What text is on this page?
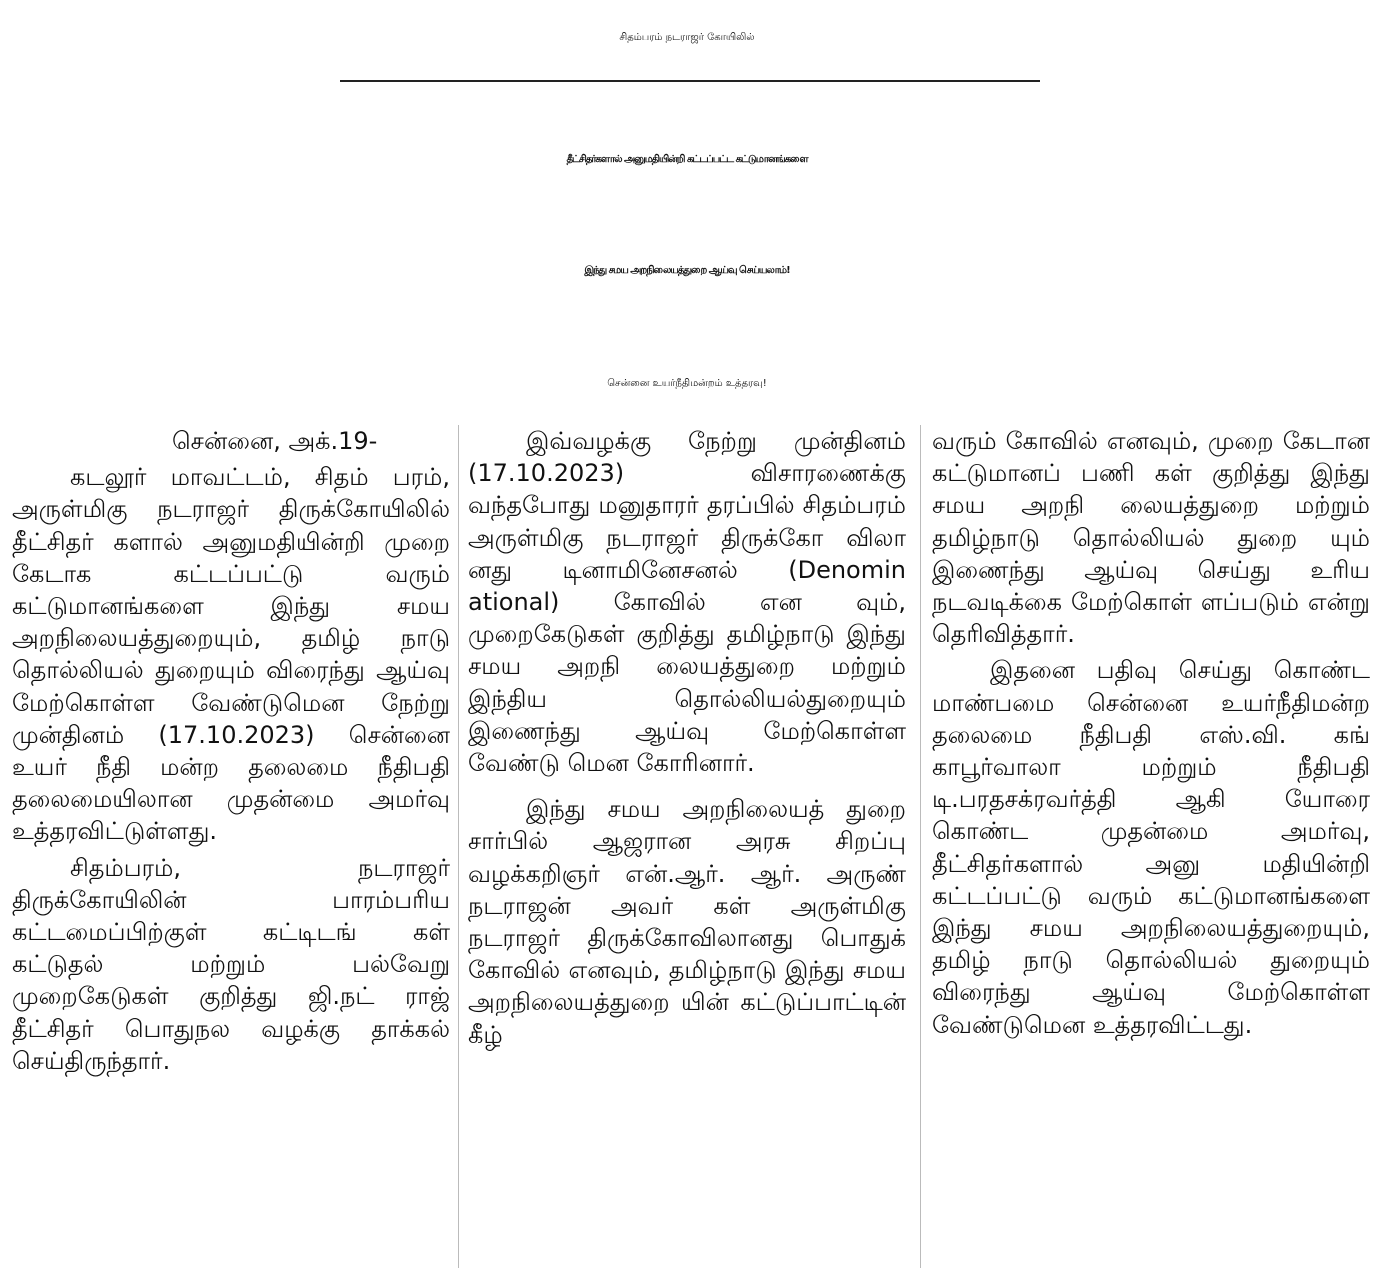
சிதம்பரம் நடராஜர் கோயிலில்
தீட்சிதர்களால் அனுமதியின்றி கட்டப்பட்ட கட்டுமானங்களை
இந்து சமய அறநிலையத்துறை ஆய்வு செய்யலாம்!
சென்னை உயர்நீதிமன்றம் உத்தரவு!

சென்னை, அக்.19-

கடலூர் மாவட்டம், சிதம் பரம், அருள்மிகு நடராஜர் திருக்கோயிலில் தீட்சிதர் களால் அனுமதியின்றி முறை கேடாக கட்டப்பட்டு வரும் கட்டுமானங்களை இந்து சமய அறநிலையத்துறையும், தமிழ் நாடு தொல்லியல் துறையும் விரைந்து ஆய்வு மேற்கொள்ள வேண்டுமென நேற்று முன்தினம் (17.10.2023) சென்னை உயர் நீதி மன்ற தலைமை நீதிபதி தலைமையிலான முதன்மை அமர்வு உத்தரவிட்டுள்ளது.

சிதம்பரம், நடராஜர் திருக்கோயிலின் பாரம்பரிய கட்டமைப்பிற்குள் கட்டிடங் கள் கட்டுதல் மற்றும் பல்வேறு முறைகேடுகள் குறித்து ஜி.நட் ராஜ் தீட்சிதர் பொதுநல வழக்கு தாக்கல் செய்திருந்தார்.

இவ்வழக்கு நேற்று முன்தினம் (17.10.2023) விசாரணைக்கு வந்தபோது மனுதாரர் தரப்பில் சிதம்பரம் அருள்மிகு நடராஜர் திருக்கோ விலா னது டினாமினேசனல் (Denomin ational) கோவில் என வும், முறைகேடுகள் குறித்து தமிழ்நாடு இந்து சமய அறநி லையத்துறை மற்றும் இந்திய தொல்லியல்துறையும் இணைந்து ஆய்வு மேற்கொள்ள வேண்டு மென கோரினார்.

இந்து சமய அறநிலையத் துறை சார்பில் ஆஜரான அரசு சிறப்பு வழக்கறிஞர் என்.ஆர். ஆர். அருண் நடராஜன் அவர் கள் அருள்மிகு நடராஜர் திருக்கோவிலானது பொதுக் கோவில் எனவும், தமிழ்நாடு இந்து சமய அறநிலையத்துறை யின் கட்டுப்பாட்டின் கீழ்

வரும் கோவில் எனவும், முறை கேடான கட்டுமானப் பணி கள் குறித்து இந்து சமய அறநி லையத்துறை மற்றும் தமிழ்நாடு தொல்லியல் துறை யும் இணைந்து ஆய்வு செய்து உரிய நடவடிக்கை மேற்கொள் ளப்படும் என்று தெரிவித்தார்.

இதனை பதிவு செய்து கொண்ட மாண்பமை சென்னை உயர்நீதிமன்ற தலைமை நீதிபதி எஸ்.வி. கங் காபூர்வாலா மற்றும் நீதிபதி டி.பரதசக்ரவர்த்தி ஆகி யோரை கொண்ட முதன்மை அமர்வு, தீட்சிதர்களால் அனு மதியின்றி கட்டப்பட்டு வரும் கட்டுமானங்களை இந்து சமய அறநிலையத்துறையும், தமிழ் நாடு தொல்லியல் துறையும் விரைந்து ஆய்வு மேற்கொள்ள வேண்டுமென உத்தரவிட்டது.
